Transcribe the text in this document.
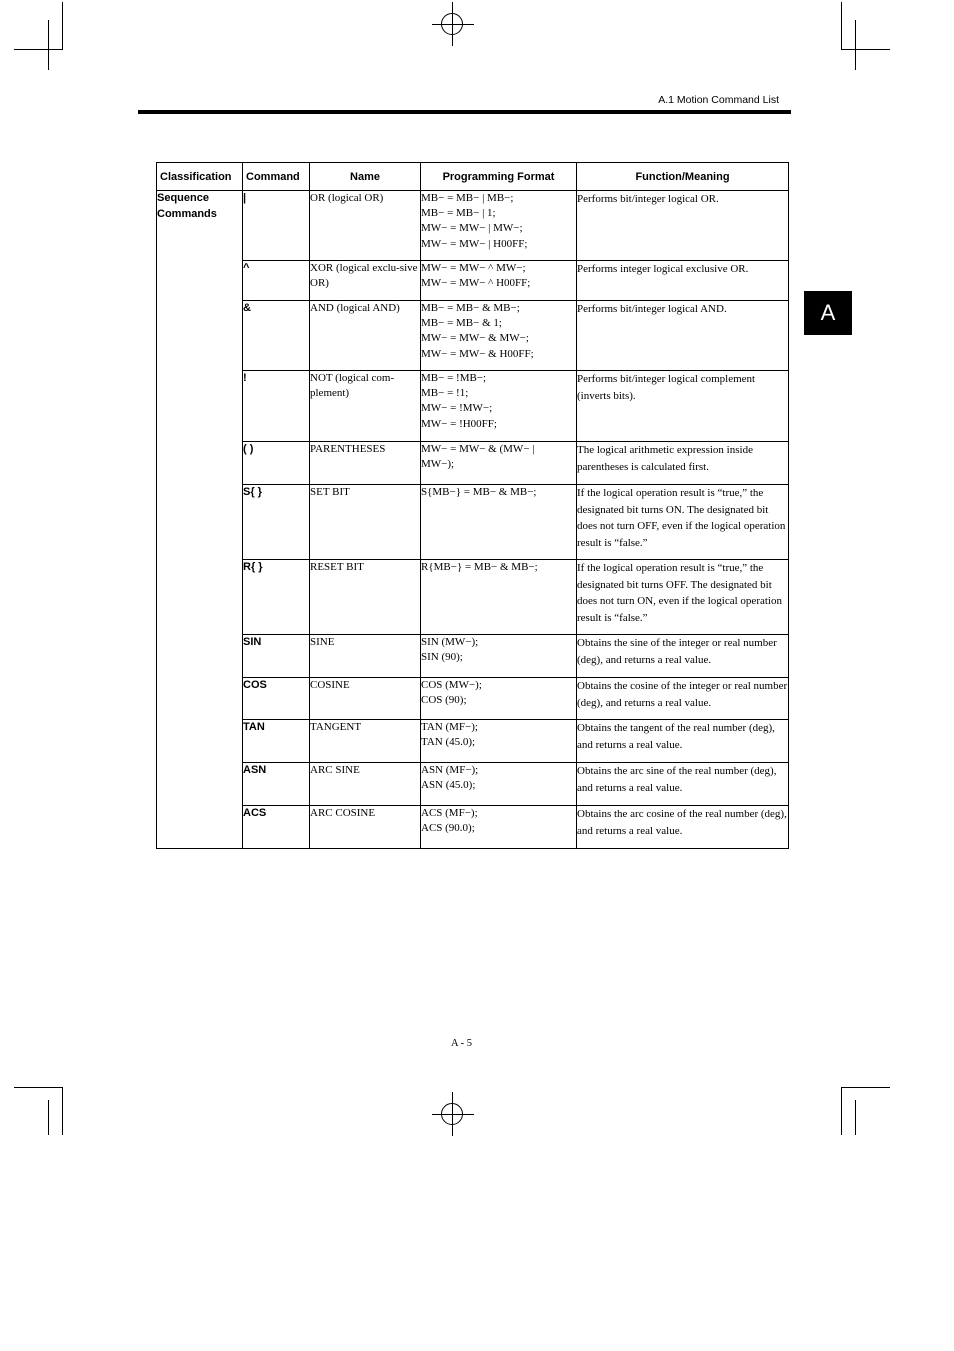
A.1 Motion Command List
A
Classification	Command	Name	Programming Format	Function/Meaning

Sequence Commands	|	OR (logical OR)	MB− = MB− | MB−;
MB− = MB− | 1;
MW− = MW− | MW−;
MW− = MW− | H00FF;	Performs bit/integer logical OR.
	^	XOR (logical exclu-sive OR)	MW− = MW− ^ MW−;
MW− = MW− ^ H00FF;	Performs integer logical exclusive OR.
	&	AND (logical AND)	MB− = MB− & MB−;
MB− = MB− & 1;
MW− = MW− & MW−;
MW− = MW− & H00FF;	Performs bit/integer logical AND.
	!	NOT (logical com-plement)	MB− = !MB−;
MB− = !1;
MW− = !MW−;
MW− = !H00FF;	Performs bit/integer logical complement (inverts bits).
	( )	PARENTHESES	MW− = MW− & (MW− |
MW−);	The logical arithmetic expression inside parentheses is calculated first.
	S{ }	SET BIT	S{MB−} = MB− & MB−;	If the logical operation result is “true,” the designated bit turns ON. The designated bit does not turn OFF, even if the logical operation result is “false.”
	R{ }	RESET BIT	R{MB−} = MB− & MB−;	If the logical operation result is “true,” the designated bit turns OFF. The designated bit does not turn ON, even if the logical operation result is “false.”
	SIN	SINE	SIN (MW−);
SIN (90);	Obtains the sine of the integer or real number (deg), and returns a real value.
	COS	COSINE	COS (MW−);
COS (90);	Obtains the cosine of the integer or real number (deg), and returns a real value.
	TAN	TANGENT	TAN (MF−);
TAN (45.0);	Obtains the tangent of the real number (deg), and returns a real value.
	ASN	ARC SINE	ASN (MF−);
ASN (45.0);	Obtains the arc sine of the real number (deg), and returns a real value.
	ACS	ARC COSINE	ACS (MF−);
ACS (90.0);	Obtains the arc cosine of the real number (deg), and returns a real value.
A - 5
